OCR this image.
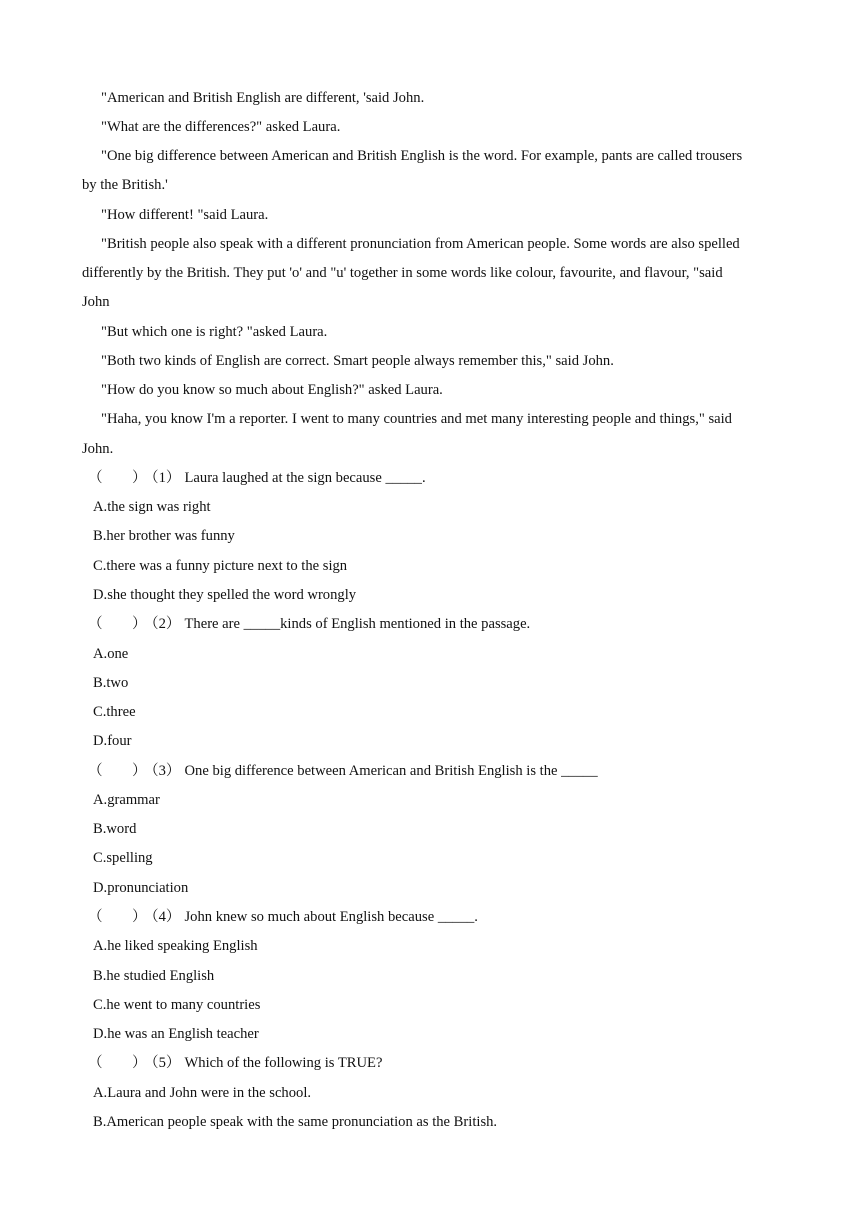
"American and British English are different, 'said John.
"What are the differences?" asked Laura.
"One big difference between American and British English is the word. For example, pants are called trousers
by the British.'
"How different! "said Laura.
"British people also speak with a different pronunciation from American people. Some words are also spelled
differently by the British. They put 'o' and "u' together in some words like colour, favourite, and flavour, "said
John
"But which one is right? "asked Laura.
"Both two kinds of English are correct. Smart people always remember this," said John.
"How do you know so much about English?" asked Laura.
"Haha, you know I'm a reporter. I went to many countries and met many interesting people and things," said
John.
（ ）（1） Laura laughed at the sign because _____.
A.the sign was right
B.her brother was funny
C.there was a funny picture next to the sign
D.she thought they spelled the word wrongly
（ ）（2） There are _____kinds of English mentioned in the passage.
A.one
B.two
C.three
D.four
（ ）（3） One big difference between American and British English is the _____
A.grammar
B.word
C.spelling
D.pronunciation
（ ）（4） John knew so much about English because _____.
A.he liked speaking English
B.he studied English
C.he went to many countries
D.he was an English teacher
（ ）（5） Which of the following is TRUE?
A.Laura and John were in the school.
B.American people speak with the same pronunciation as the British.
